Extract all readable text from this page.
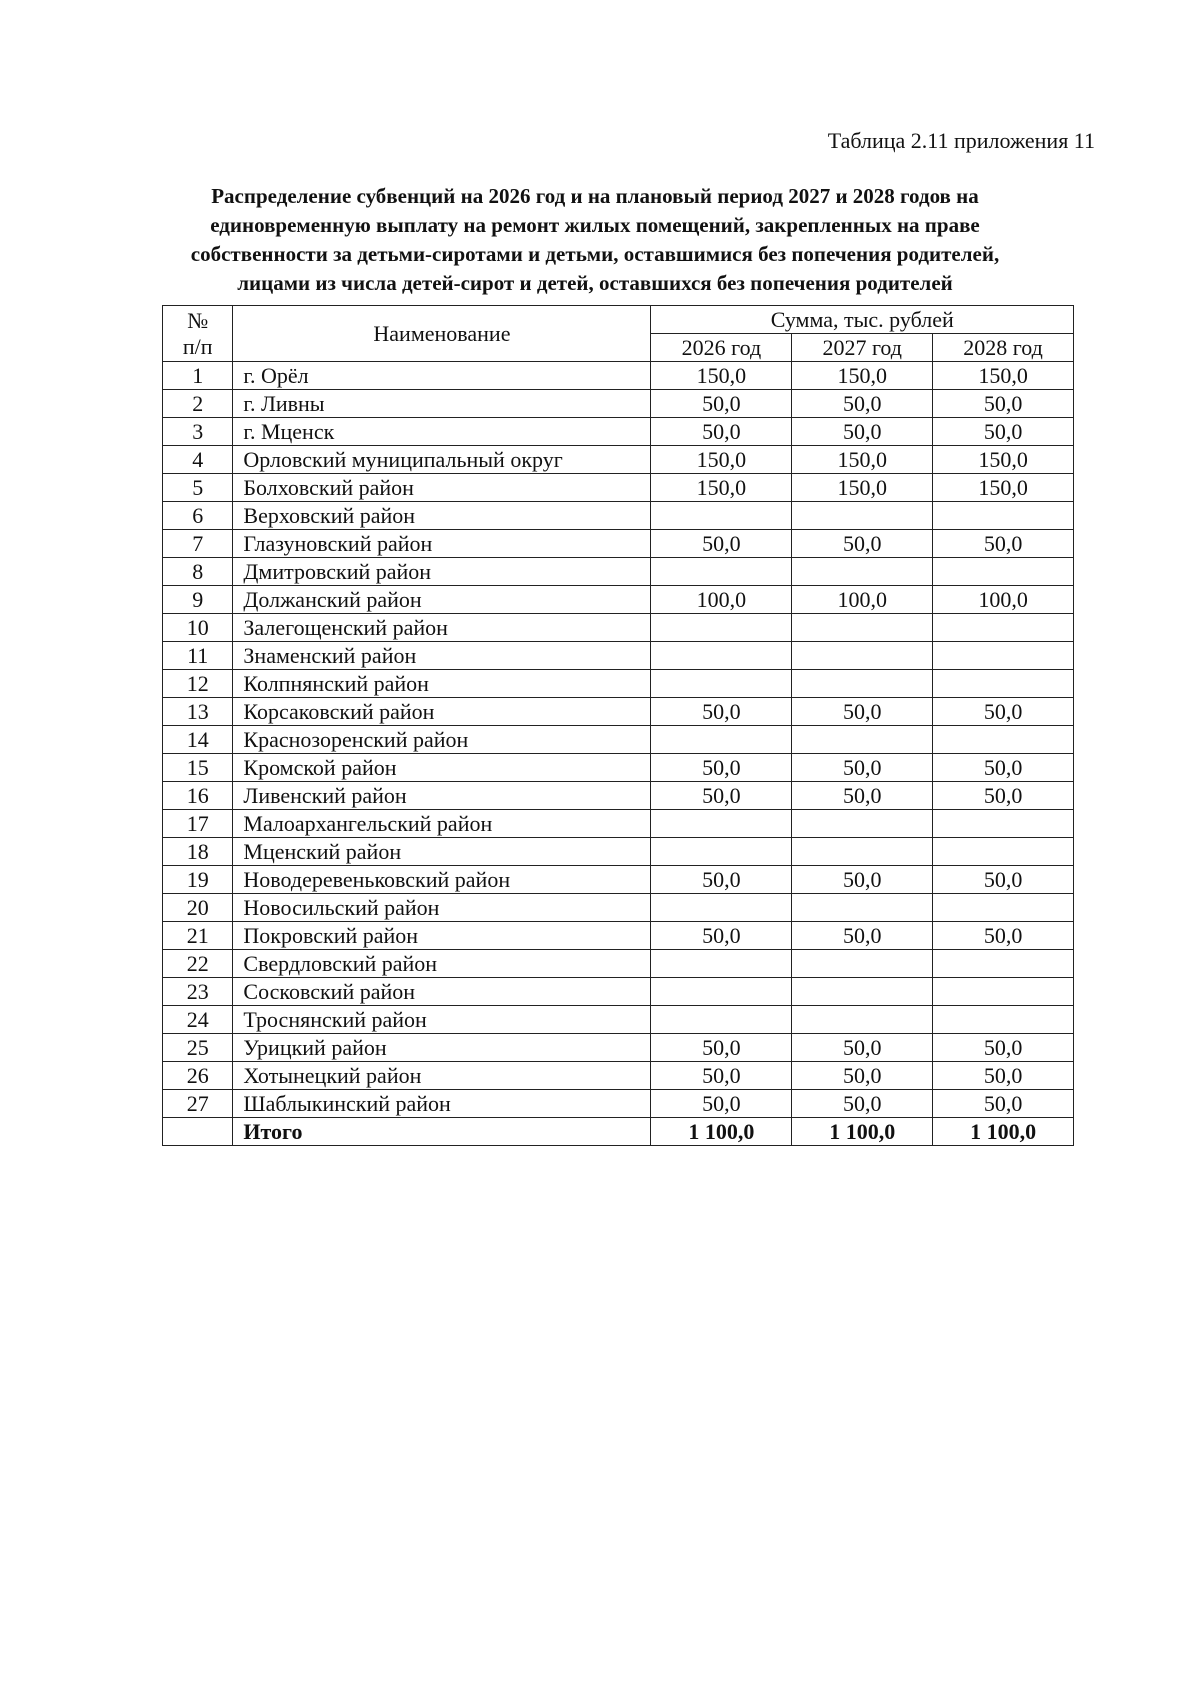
Таблица 2.11 приложения 11
Распределение субвенций на 2026 год и на плановый период 2027 и 2028 годов на
единовременную выплату на ремонт жилых помещений, закрепленных на праве
собственности за детьми-сиротами и детьми, оставшимися без попечения родителей,
лицами из числа детей-сирот и детей, оставшихся без попечения родителей
№
п/п	Наименование	Сумма, тыс. рублей		
		2026 год	2027 год	2028 год
1	г. Орёл	150,0	150,0	150,0
2	г. Ливны	50,0	50,0	50,0
3	г. Мценск	50,0	50,0	50,0
4	Орловский муниципальный округ	150,0	150,0	150,0
5	Болховский район	150,0	150,0	150,0
6	Верховский район			
7	Глазуновский район	50,0	50,0	50,0
8	Дмитровский район			
9	Должанский район	100,0	100,0	100,0
10	Залегощенский район			
11	Знаменский район			
12	Колпнянский район			
13	Корсаковский район	50,0	50,0	50,0
14	Краснозоренский район			
15	Кромской район	50,0	50,0	50,0
16	Ливенский район	50,0	50,0	50,0
17	Малоархангельский район			
18	Мценский район			
19	Новодеревеньковский район	50,0	50,0	50,0
20	Новосильский район			
21	Покровский район	50,0	50,0	50,0
22	Свердловский район			
23	Сосковский район			
24	Троснянский район			
25	Урицкий район	50,0	50,0	50,0
26	Хотынецкий район	50,0	50,0	50,0
27	Шаблыкинский район	50,0	50,0	50,0
	Итого	1 100,0	1 100,0	1 100,0
